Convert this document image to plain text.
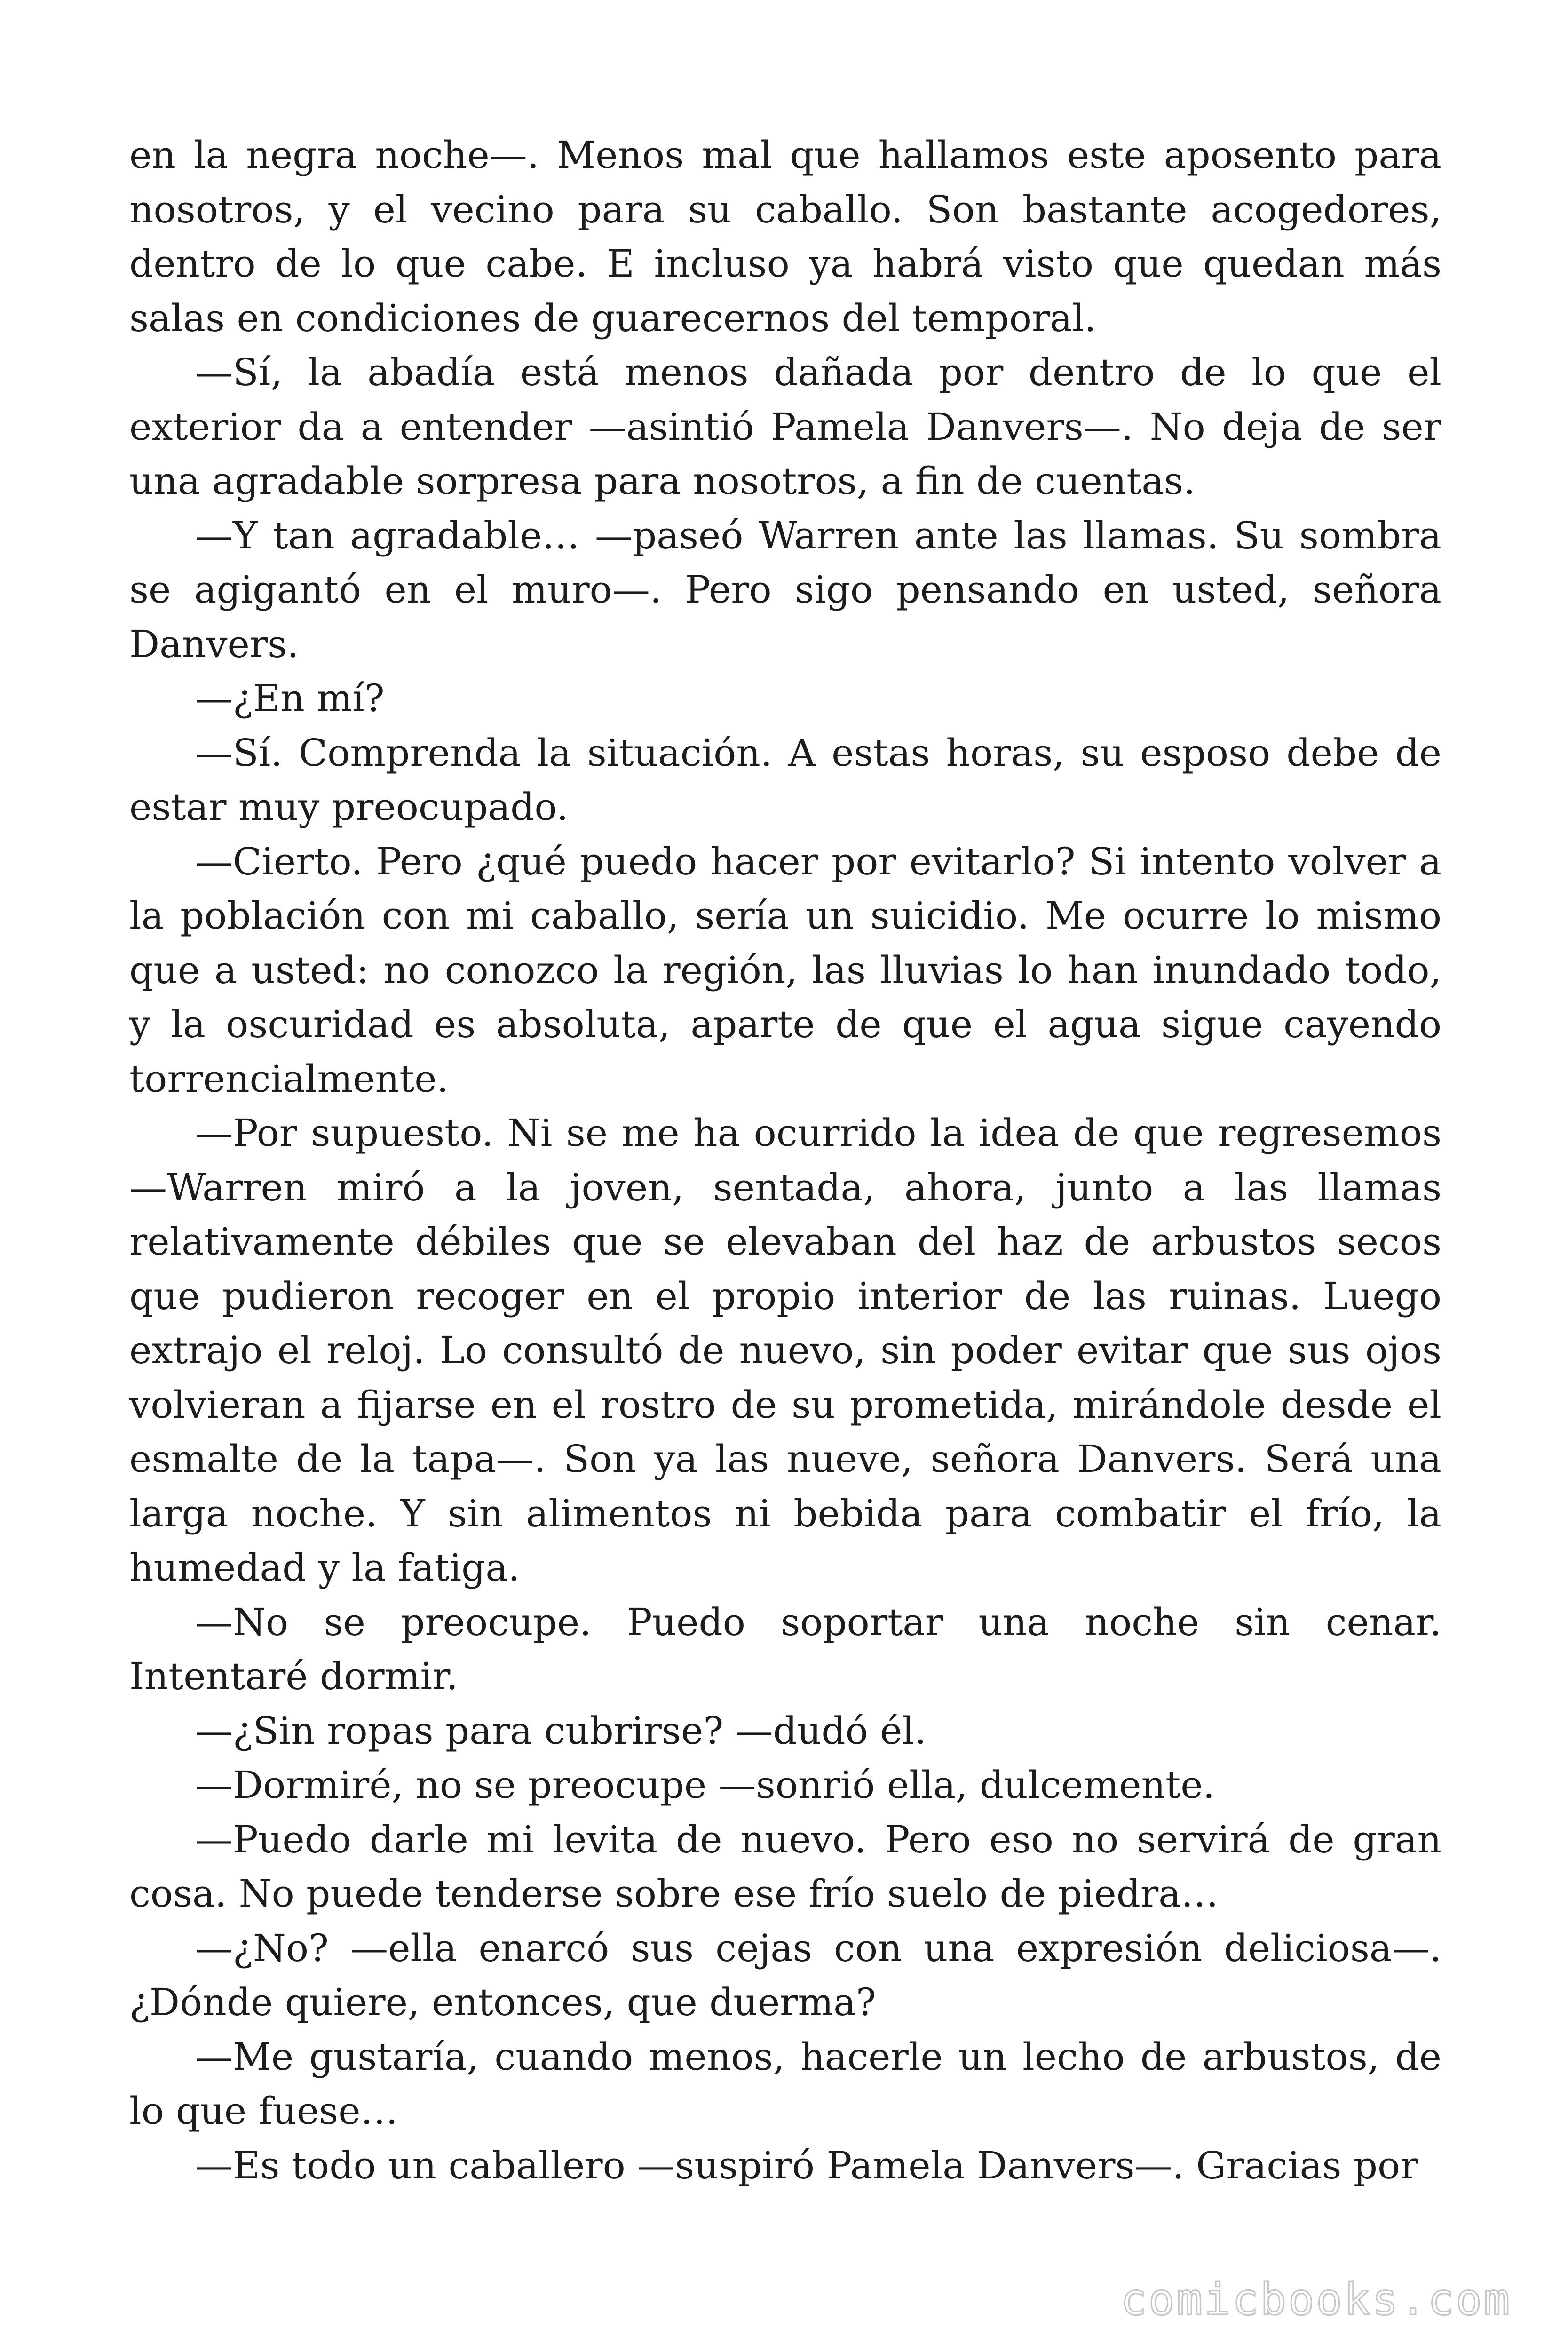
en la negra noche—. Menos mal que hallamos este aposento para nosotros, y el vecino para su caballo. Son bastante acogedores, dentro de lo que cabe. E incluso ya habrá visto que quedan más salas en condiciones de guarecernos del temporal.

—Sí, la abadía está menos dañada por dentro de lo que el exterior da a entender —asintió Pamela Danvers—. No deja de ser una agradable sorpresa para nosotros, a fin de cuentas.

—Y tan agradable… —paseó Warren ante las llamas. Su sombra se agigantó en el muro—. Pero sigo pensando en usted, señora Danvers.

—¿En mí?

—Sí. Comprenda la situación. A estas horas, su esposo debe de estar muy preocupado.

—Cierto. Pero ¿qué puedo hacer por evitarlo? Si intento volver a la población con mi caballo, sería un suicidio. Me ocurre lo mismo que a usted: no conozco la región, las lluvias lo han inundado todo, y la oscuridad es absoluta, aparte de que el agua sigue cayendo torrencialmente.

—Por supuesto. Ni se me ha ocurrido la idea de que regresemos —Warren miró a la joven, sentada, ahora, junto a las llamas relativamente débiles que se elevaban del haz de arbustos secos que pudieron recoger en el propio interior de las ruinas. Luego extrajo el reloj. Lo consultó de nuevo, sin poder evitar que sus ojos volvieran a fijarse en el rostro de su prometida, mirándole desde el esmalte de la tapa—. Son ya las nueve, señora Danvers. Será una larga noche. Y sin alimentos ni bebida para combatir el frío, la humedad y la fatiga.

—No se preocupe. Puedo soportar una noche sin cenar. Intentaré dormir.

—¿Sin ropas para cubrirse? —dudó él.

—Dormiré, no se preocupe —sonrió ella, dulcemente.

—Puedo darle mi levita de nuevo. Pero eso no servirá de gran cosa. No puede tenderse sobre ese frío suelo de piedra…

—¿No? —ella enarcó sus cejas con una expresión deliciosa—. ¿Dónde quiere, entonces, que duerma?

—Me gustaría, cuando menos, hacerle un lecho de arbustos, de lo que fuese…

—Es todo un caballero —suspiró Pamela Danvers—. Gracias por

comicbooks.com
